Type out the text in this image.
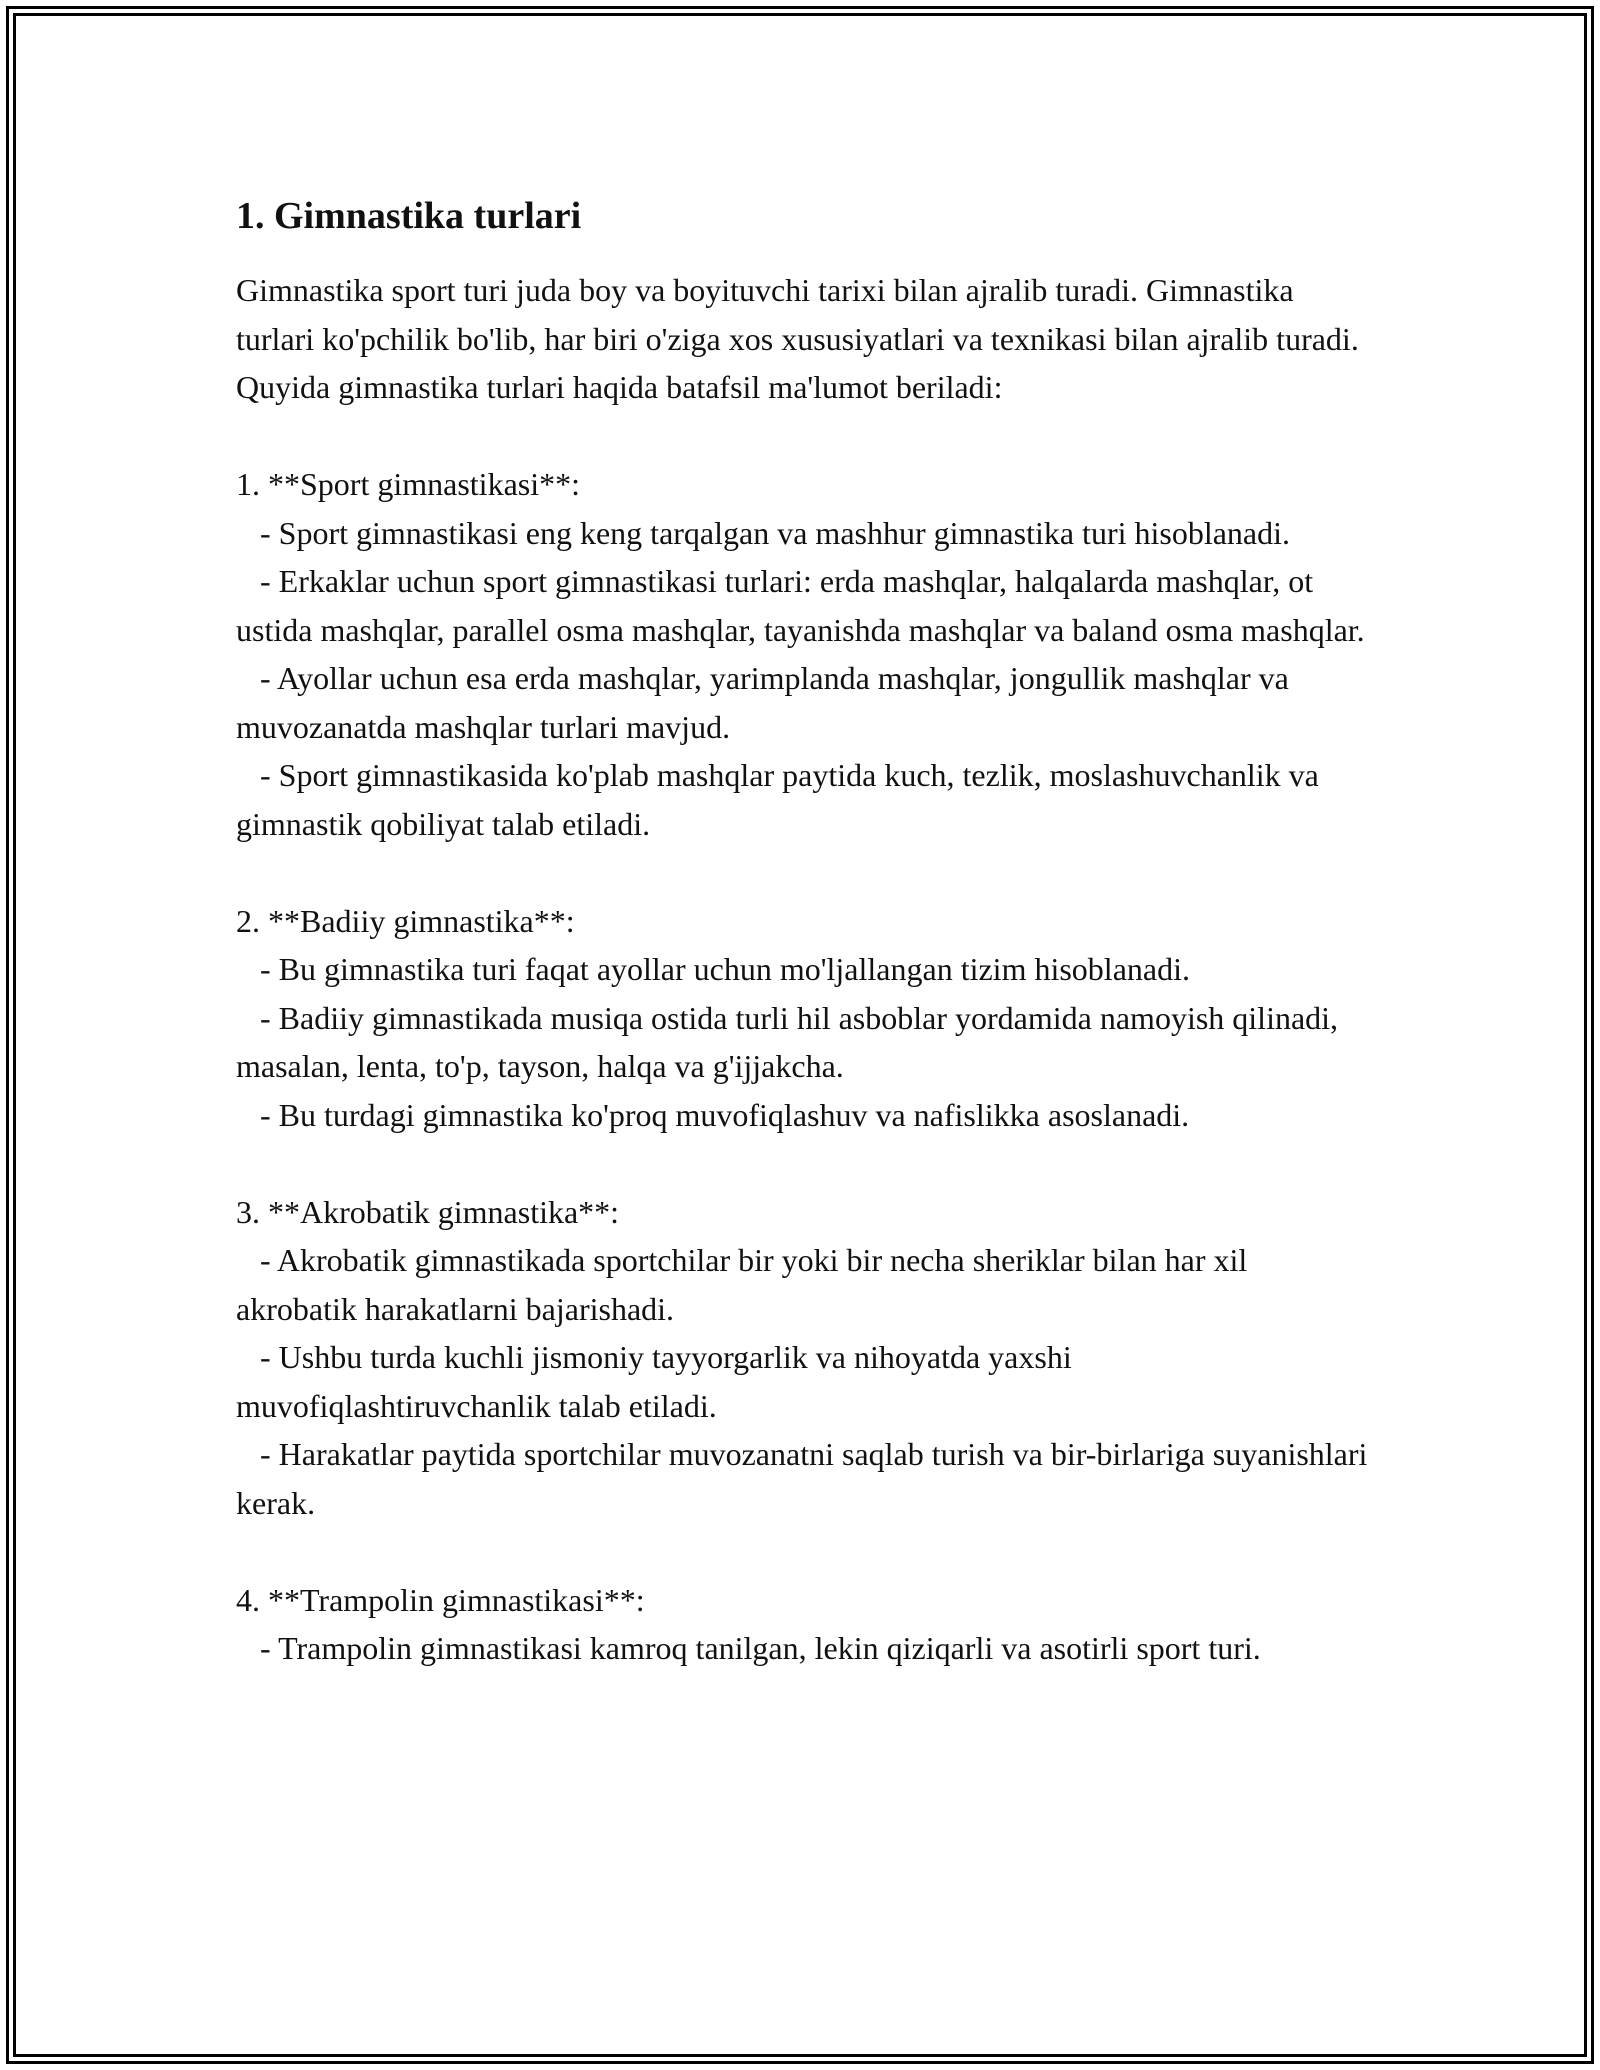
1. Gimnastika turlari

Gimnastika sport turi juda boy va boyituvchi tarixi bilan ajralib turadi. Gimnastika turlari ko'pchilik bo'lib, har biri o'ziga xos xususiyatlari va texnikasi bilan ajralib turadi. Quyida gimnastika turlari haqida batafsil ma'lumot beriladi:

1. **Sport gimnastikasi**:

- Sport gimnastikasi eng keng tarqalgan va mashhur gimnastika turi hisoblanadi.

- Erkaklar uchun sport gimnastikasi turlari: erda mashqlar, halqalarda mashqlar, ot ustida mashqlar, parallel osma mashqlar, tayanishda mashqlar va baland osma mashqlar.

- Ayollar uchun esa erda mashqlar, yarimplanda mashqlar, jongullik mashqlar va muvozanatda mashqlar turlari mavjud.

- Sport gimnastikasida ko'plab mashqlar paytida kuch, tezlik, moslashuvchanlik va gimnastik qobiliyat talab etiladi.

2. **Badiiy gimnastika**:

- Bu gimnastika turi faqat ayollar uchun mo'ljallangan tizim hisoblanadi.

- Badiiy gimnastikada musiqa ostida turli hil asboblar yordamida namoyish qilinadi, masalan, lenta, to'p, tayson, halqa va g'ijjakcha.

- Bu turdagi gimnastika ko'proq muvofiqlashuv va nafislikka asoslanadi.

3. **Akrobatik gimnastika**:

- Akrobatik gimnastikada sportchilar bir yoki bir necha sheriklar bilan har xil akrobatik harakatlarni bajarishadi.

- Ushbu turda kuchli jismoniy tayyorgarlik va nihoyatda yaxshi muvofiqlashtiruvchanlik talab etiladi.

- Harakatlar paytida sportchilar muvozanatni saqlab turish va bir-birlariga suyanishlari kerak.

4. **Trampolin gimnastikasi**:

- Trampolin gimnastikasi kamroq tanilgan, lekin qiziqarli va asotirli sport turi.
